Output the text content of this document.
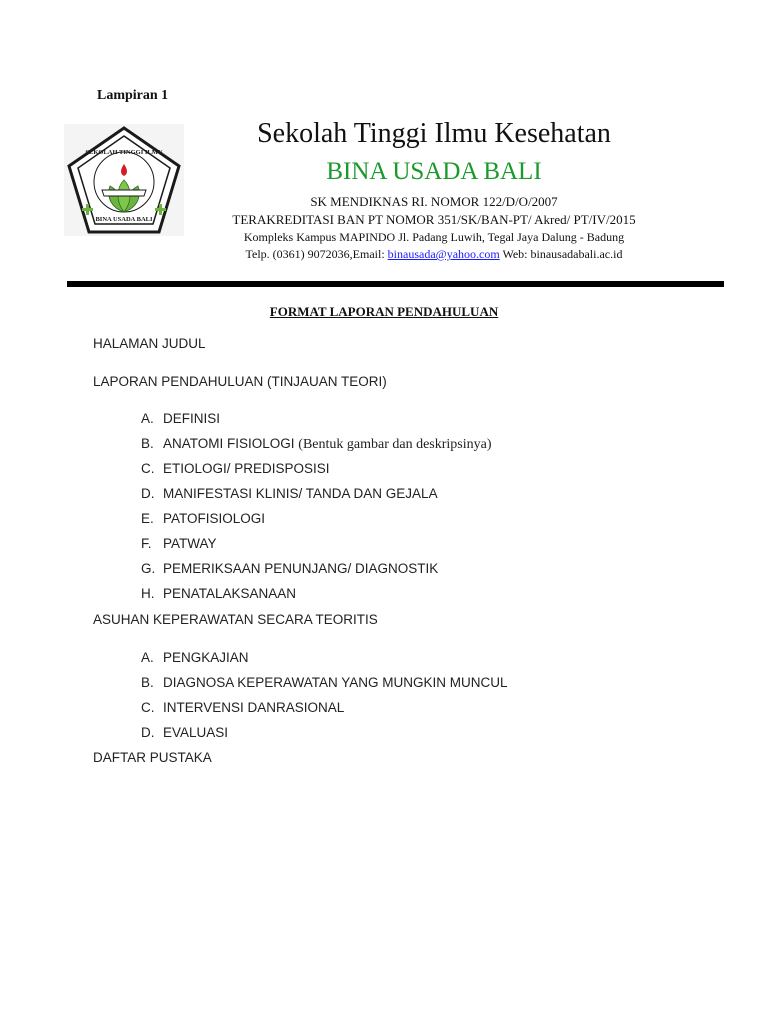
Lampiran 1
SEKOLAH TINGGI ILMU
BINA USADA BALI
Sekolah Tinggi Ilmu Kesehatan
BINA USADA BALI
SK MENDIKNAS RI. NOMOR 122/D/O/2007
TERAKREDITASI BAN PT NOMOR 351/SK/BAN-PT/ Akred/ PT/IV/2015
Kompleks Kampus MAPINDO Jl. Padang Luwih, Tegal Jaya Dalung - Badung
Telp. (0361) 9072036,Email: binausada@yahoo.com Web: binausadabali.ac.id
FORMAT LAPORAN PENDAHULUAN
HALAMAN JUDUL
LAPORAN PENDAHULUAN (TINJAUAN TEORI)
A. DEFINISI
B. ANATOMI FISIOLOGI (Bentuk gambar dan deskripsinya)
C. ETIOLOGI/ PREDISPOSISI
D. MANIFESTASI KLINIS/ TANDA DAN GEJALA
E. PATOFISIOLOGI
F. PATWAY
G. PEMERIKSAAN PENUNJANG/ DIAGNOSTIK
H. PENATALAKSANAAN
ASUHAN KEPERAWATAN SECARA TEORITIS
A. PENGKAJIAN
B. DIAGNOSA KEPERAWATAN YANG MUNGKIN MUNCUL
C. INTERVENSI DANRASIONAL
D. EVALUASI
DAFTAR PUSTAKA
